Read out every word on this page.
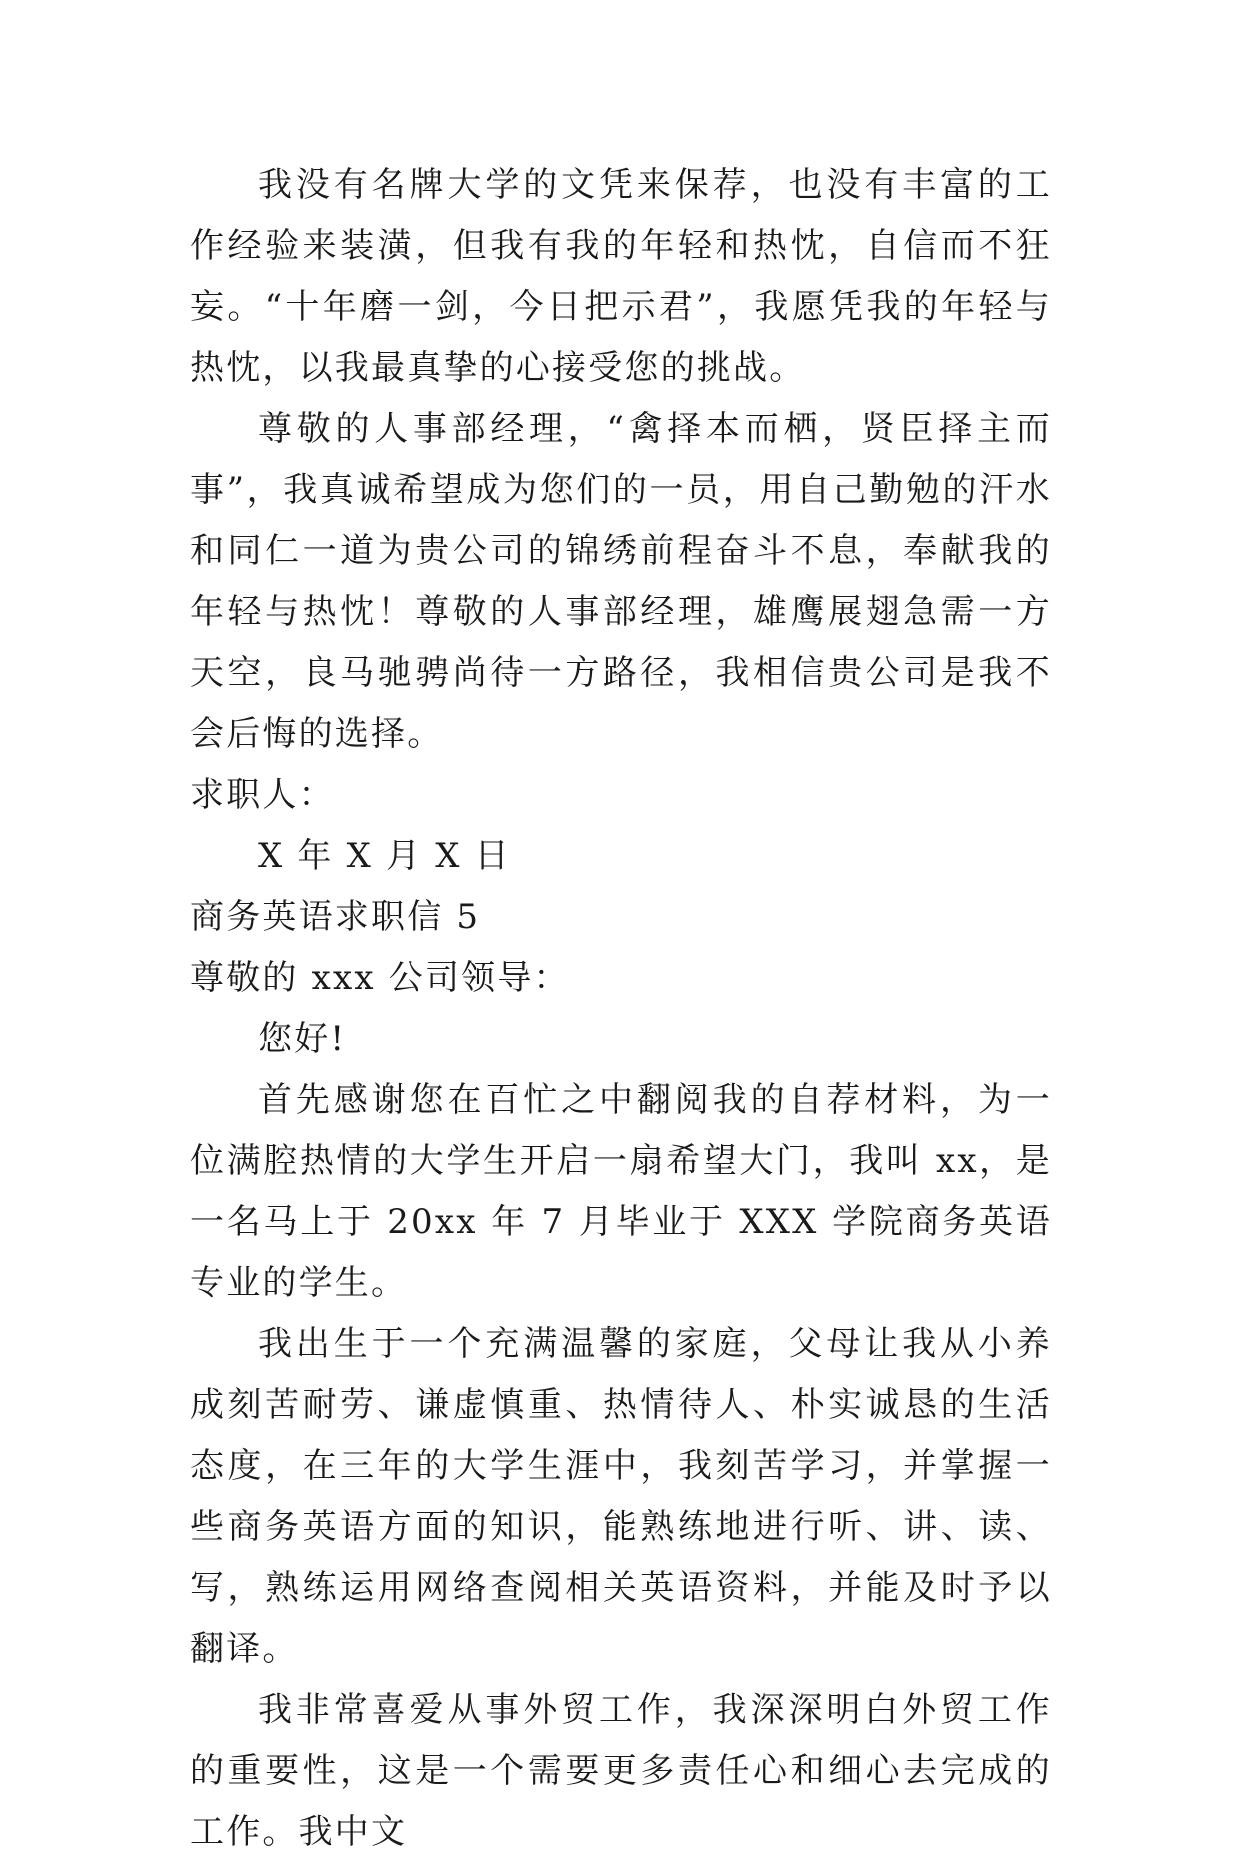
我没有名牌大学的文凭来保荐，也没有丰富的工作经验来装潢，但我有我的年轻和热忱，自信而不狂妄。“十年磨一剑，今日把示君”，我愿凭我的年轻与热忱，以我最真挚的心接受您的挑战。

尊敬的人事部经理，“禽择本而栖，贤臣择主而事”，我真诚希望成为您们的一员，用自己勤勉的汗水和同仁一道为贵公司的锦绣前程奋斗不息，奉献我的年轻与热忱！尊敬的人事部经理，雄鹰展翅急需一方天空，良马驰骋尚待一方路径，我相信贵公司是我不会后悔的选择。

求职人：
X 年 X 月 X 日
商务英语求职信 5
尊敬的 xxx 公司领导：
您好!

首先感谢您在百忙之中翻阅我的自荐材料，为一位满腔热情的大学生开启一扇希望大门，我叫 xx，是一名马上于 20xx 年 7 月毕业于 XXX 学院商务英语专业的学生。

我出生于一个充满温馨的家庭，父母让我从小养成刻苦耐劳、谦虚慎重、热情待人、朴实诚恳的生活态度，在三年的大学生涯中，我刻苦学习，并掌握一些商务英语方面的知识，能熟练地进行听、讲、读、写，熟练运用网络查阅相关英语资料，并能及时予以翻译。

我非常喜爱从事外贸工作，我深深明白外贸工作的重要性，这是一个需要更多责任心和细心去完成的工作。我中文
